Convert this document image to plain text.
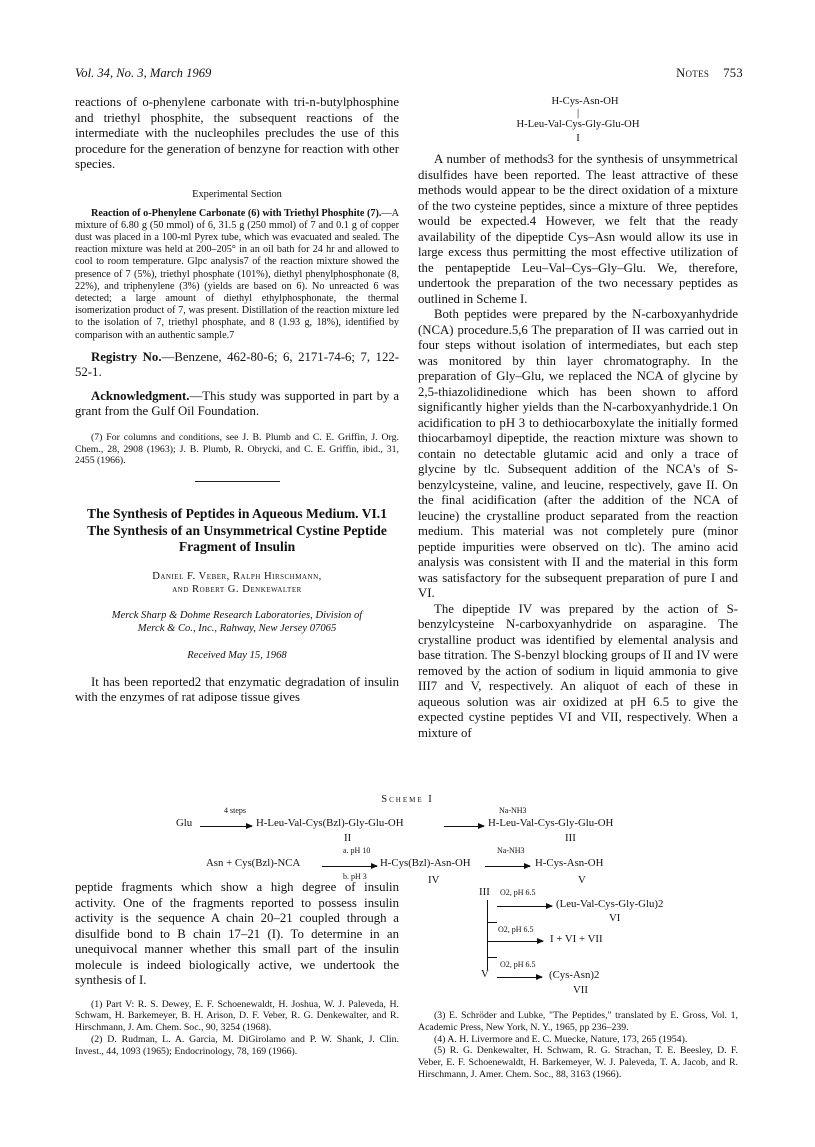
Vol. 34, No. 3, March 1969	Notes 753

reactions of o-phenylene carbonate with tri-n-butylphosphine and triethyl phosphite, the subsequent reactions of the intermediate with the nucleophiles precludes the use of this procedure for the generation of benzyne for reaction with other species.

Experimental Section

Reaction of o-Phenylene Carbonate (6) with Triethyl Phosphite (7).—A mixture of 6.80 g (50 mmol) of 6, 31.5 g (250 mmol) of 7 and 0.1 g of copper dust was placed in a 100-ml Pyrex tube, which was evacuated and sealed. The reaction mixture was held at 200–205° in an oil bath for 24 hr and allowed to cool to room temperature. Glpc analysis7 of the reaction mixture showed the presence of 7 (5%), triethyl phosphate (101%), diethyl phenylphosphonate (8, 22%), and triphenylene (3%) (yields are based on 6). No unreacted 6 was detected; a large amount of diethyl ethylphosphonate, the thermal isomerization product of 7, was present. Distillation of the reaction mixture led to the isolation of 7, triethyl phosphate, and 8 (1.93 g, 18%), identified by comparison with an authentic sample.7

Registry No.—Benzene, 462-80-6; 6, 2171-74-6; 7, 122-52-1.

Acknowledgment.—This study was supported in part by a grant from the Gulf Oil Foundation.

(7) For columns and conditions, see J. B. Plumb and C. E. Griffin, J. Org. Chem., 28, 2908 (1963); J. B. Plumb, R. Obrycki, and C. E. Griffin, ibid., 31, 2455 (1966).

The Synthesis of Peptides in Aqueous Medium. VI.1 The Synthesis of an Unsymmetrical Cystine Peptide Fragment of Insulin
Daniel F. Veber, Ralph Hirschmann,
and Robert G. Denkewalter
Merck Sharp & Dohme Research Laboratories, Division of
Merck & Co., Inc., Rahway, New Jersey 07065
Received May 15, 1968

It has been reported2 that enzymatic degradation of insulin with the enzymes of rat adipose tissue gives

H-Cys-Asn-OH
|
H-Leu-Val-Cys-Gly-Glu-OH
I

A number of methods3 for the synthesis of unsymmetrical disulfides have been reported. The least attractive of these methods would appear to be the direct oxidation of a mixture of the two cysteine peptides, since a mixture of three peptides would be expected.4 However, we felt that the ready availability of the dipeptide Cys–Asn would allow its use in large excess thus permitting the most effective utilization of the pentapeptide Leu–Val–Cys–Gly–Glu. We, therefore, undertook the preparation of the two necessary peptides as outlined in Scheme I.

Both peptides were prepared by the N-carboxyanhydride (NCA) procedure.5,6 The preparation of II was carried out in four steps without isolation of intermediates, but each step was monitored by thin layer chromatography. In the preparation of Gly–Glu, we replaced the NCA of glycine by 2,5-thiazolidinedione which has been shown to afford significantly higher yields than the N-carboxyanhydride.1 On acidification to pH 3 to dethiocarboxylate the initially formed thiocarbamoyl dipeptide, the reaction mixture was shown to contain no detectable glutamic acid and only a trace of glycine by tlc. Subsequent addition of the NCA's of S-benzylcysteine, valine, and leucine, respectively, gave II. On the final acidification (after the addition of the NCA of leucine) the crystalline product separated from the reaction medium. This material was not completely pure (minor peptide impurities were observed on tlc). The amino acid analysis was consistent with II and the material in this form was satisfactory for the subsequent preparation of pure I and VI.

The dipeptide IV was prepared by the action of S-benzylcysteine N-carboxyanhydride on asparagine. The crystalline product was identified by elemental analysis and base titration. The S-benzyl blocking groups of II and IV were removed by the action of sodium in liquid ammonia to give III7 and V, respectively. An aliquot of each of these in aqueous solution was air oxidized at pH 6.5 to give the expected cystine peptides VI and VII, respectively. When a mixture of

Scheme I
Glu
4 steps
H-Leu-Val-Cys(Bzl)-Gly-Glu-OH
II
Na-NH3
H-Leu-Val-Cys-Gly-Glu-OH
III
Asn + Cys(Bzl)-NCA
a. pH 10
b. pH 3
H-Cys(Bzl)-Asn-OH
IV
Na-NH3
H-Cys-Asn-OH
V
III O2, pH 6.5
(Leu-Val-Cys-Gly-Glu)2
VI
O2, pH 6.5
I + VI + VII
O2, pH 6.5
V	(Cys-Asn)2
VII

peptide fragments which show a high degree of insulin activity. One of the fragments reported to possess insulin activity is the sequence A chain 20–21 coupled through a disulfide bond to B chain 17–21 (I). To determine in an unequivocal manner whether this small part of the insulin molecule is indeed biologically active, we undertook the synthesis of I.

(1) Part V: R. S. Dewey, E. F. Schoenewaldt, H. Joshua, W. J. Paleveda, H. Schwam, H. Barkemeyer, B. H. Arison, D. F. Veber, R. G. Denkewalter, and R. Hirschmann, J. Am. Chem. Soc., 90, 3254 (1968).

(2) D. Rudman, L. A. Garcia, M. DiGirolamo and P. W. Shank, J. Clin. Invest., 44, 1093 (1965); Endocrinology, 78, 169 (1966).

(3) E. Schröder and Lubke, "The Peptides," translated by E. Gross, Vol. 1, Academic Press, New York, N. Y., 1965, pp 236–239.

(4) A. H. Livermore and E. C. Muecke, Nature, 173, 265 (1954).

(5) R. G. Denkewalter, H. Schwam, R. G. Strachan, T. E. Beesley, D. F. Veber, E. F. Schoenewaldt, H. Barkemeyer, W. J. Paleveda, T. A. Jacob, and R. Hirschmann, J. Amer. Chem. Soc., 88, 3163 (1966).
